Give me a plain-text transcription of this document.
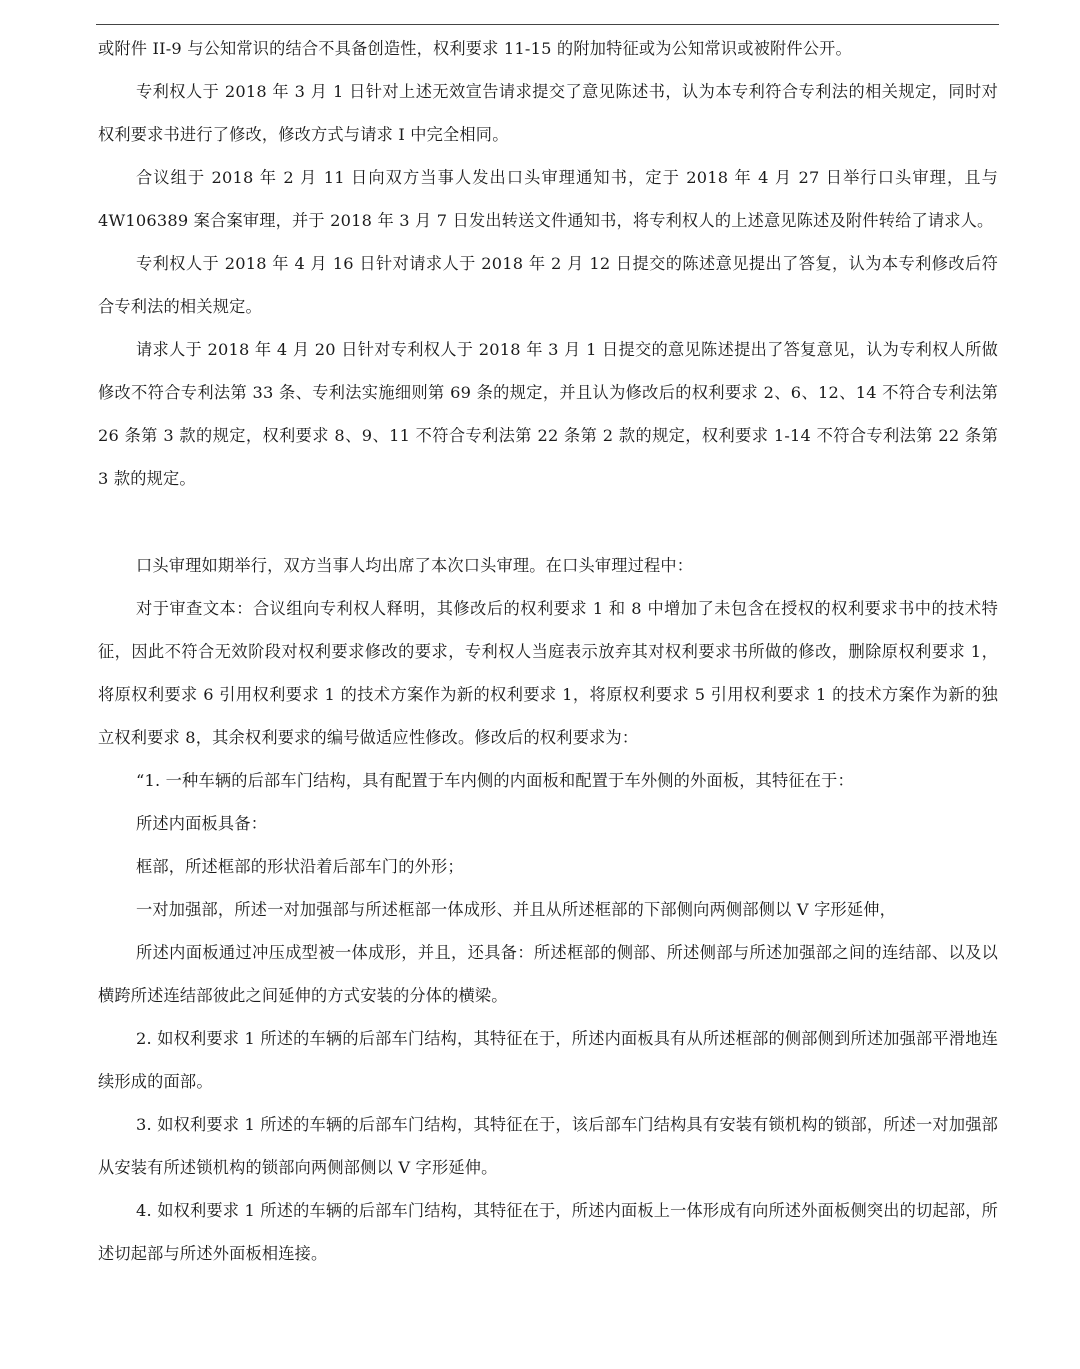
或附件 II-9 与公知常识的结合不具备创造性，权利要求 11-15 的附加特征或为公知常识或被附件公开。

专利权人于 2018 年 3 月 1 日针对上述无效宣告请求提交了意见陈述书，认为本专利符合专利法的相关规定，同时对权利要求书进行了修改，修改方式与请求 I 中完全相同。

合议组于 2018 年 2 月 11 日向双方当事人发出口头审理通知书，定于 2018 年 4 月 27 日举行口头审理，且与 4W106389 案合案审理，并于 2018 年 3 月 7 日发出转送文件通知书，将专利权人的上述意见陈述及附件转给了请求人。

专利权人于 2018 年 4 月 16 日针对请求人于 2018 年 2 月 12 日提交的陈述意见提出了答复，认为本专利修改后符合专利法的相关规定。

请求人于 2018 年 4 月 20 日针对专利权人于 2018 年 3 月 1 日提交的意见陈述提出了答复意见，认为专利权人所做修改不符合专利法第 33 条、专利法实施细则第 69 条的规定，并且认为修改后的权利要求 2、6、12、14 不符合专利法第 26 条第 3 款的规定，权利要求 8、9、11 不符合专利法第 22 条第 2 款的规定，权利要求 1-14 不符合专利法第 22 条第 3 款的规定。

口头审理如期举行，双方当事人均出席了本次口头审理。在口头审理过程中：

对于审查文本：合议组向专利权人释明，其修改后的权利要求 1 和 8 中增加了未包含在授权的权利要求书中的技术特征，因此不符合无效阶段对权利要求修改的要求，专利权人当庭表示放弃其对权利要求书所做的修改，删除原权利要求 1，将原权利要求 6 引用权利要求 1 的技术方案作为新的权利要求 1，将原权利要求 5 引用权利要求 1 的技术方案作为新的独立权利要求 8，其余权利要求的编号做适应性修改。修改后的权利要求为：

“1. 一种车辆的后部车门结构，具有配置于车内侧的内面板和配置于车外侧的外面板，其特征在于：

所述内面板具备：

框部，所述框部的形状沿着后部车门的外形；

一对加强部，所述一对加强部与所述框部一体成形、并且从所述框部的下部侧向两侧部侧以 V 字形延伸，

所述内面板通过冲压成型被一体成形，并且，还具备：所述框部的侧部、所述侧部与所述加强部之间的连结部、以及以横跨所述连结部彼此之间延伸的方式安装的分体的横梁。

2. 如权利要求 1 所述的车辆的后部车门结构，其特征在于，所述内面板具有从所述框部的侧部侧到所述加强部平滑地连续形成的面部。

3. 如权利要求 1 所述的车辆的后部车门结构，其特征在于，该后部车门结构具有安装有锁机构的锁部，所述一对加强部从安装有所述锁机构的锁部向两侧部侧以 V 字形延伸。

4. 如权利要求 1 所述的车辆的后部车门结构，其特征在于，所述内面板上一体形成有向所述外面板侧突出的切起部，所述切起部与所述外面板相连接。
